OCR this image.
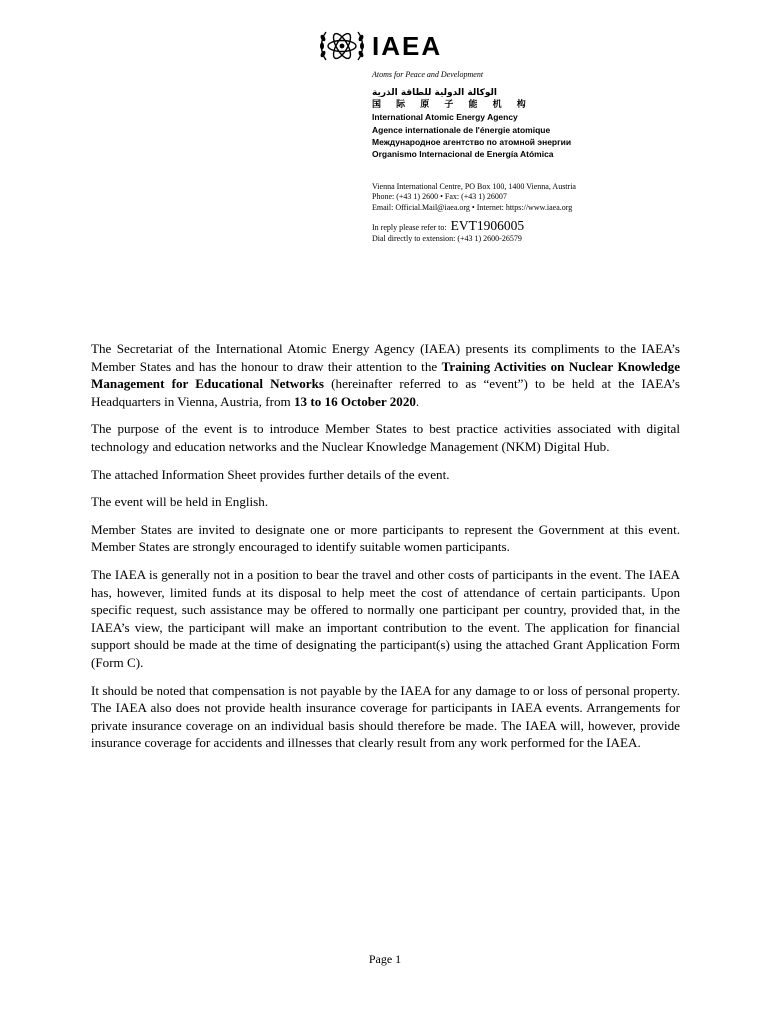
IAEA
Atoms for Peace and Development
الوكالة الدولية للطاقة الذرية
国 际 原 子 能 机 构
International Atomic Energy Agency
Agence internationale de l'énergie atomique
Международное агентство по атомной энергии
Organismo Internacional de Energía Atómica
Vienna International Centre, PO Box 100, 1400 Vienna, Austria
Phone: (+43 1) 2600 • Fax: (+43 1) 26007
Email: Official.Mail@iaea.org • Internet: https://www.iaea.org
In reply please refer to: EVT1906005
Dial directly to extension: (+43 1) 2600-26579

The Secretariat of the International Atomic Energy Agency (IAEA) presents its compliments to the IAEA’s Member States and has the honour to draw their attention to the Training Activities on Nuclear Knowledge Management for Educational Networks (hereinafter referred to as “event”) to be held at the IAEA’s Headquarters in Vienna, Austria, from 13 to 16 October 2020.

The purpose of the event is to introduce Member States to best practice activities associated with digital technology and education networks and the Nuclear Knowledge Management (NKM) Digital Hub.

The attached Information Sheet provides further details of the event.

The event will be held in English.

Member States are invited to designate one or more participants to represent the Government at this event. Member States are strongly encouraged to identify suitable women participants.

The IAEA is generally not in a position to bear the travel and other costs of participants in the event. The IAEA has, however, limited funds at its disposal to help meet the cost of attendance of certain participants. Upon specific request, such assistance may be offered to normally one participant per country, provided that, in the IAEA’s view, the participant will make an important contribution to the event. The application for financial support should be made at the time of designating the participant(s) using the attached Grant Application Form (Form C).

It should be noted that compensation is not payable by the IAEA for any damage to or loss of personal property. The IAEA also does not provide health insurance coverage for participants in IAEA events. Arrangements for private insurance coverage on an individual basis should therefore be made. The IAEA will, however, provide insurance coverage for accidents and illnesses that clearly result from any work performed for the IAEA.

Page 1
